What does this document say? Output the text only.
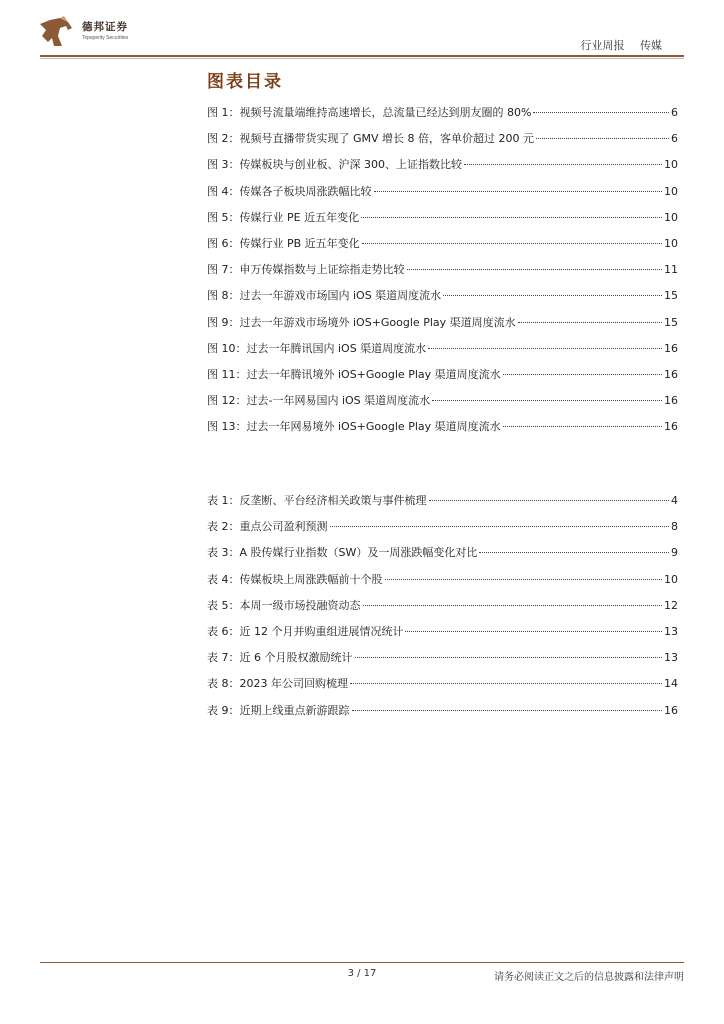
德邦证券
Topsperity Securities
行业周报 传媒
图表目录
图 1：视频号流量端维持高速增长，总流量已经达到朋友圈的 80%	6
图 2：视频号直播带货实现了 GMV 增长 8 倍，客单价超过 200 元	6
图 3：传媒板块与创业板、沪深 300、上证指数比较	10
图 4：传媒各子板块周涨跌幅比较	10
图 5：传媒行业 PE 近五年变化	10
图 6：传媒行业 PB 近五年变化	10
图 7：申万传媒指数与上证综指走势比较	11
图 8：过去一年游戏市场国内 iOS 渠道周度流水	15
图 9：过去一年游戏市场境外 iOS+Google Play 渠道周度流水	15
图 10：过去一年腾讯国内 iOS 渠道周度流水	16
图 11：过去一年腾讯境外 iOS+Google Play 渠道周度流水	16
图 12：过去-一年网易国内 iOS 渠道周度流水	16
图 13：过去一年网易境外 iOS+Google Play 渠道周度流水	16
表 1：反垄断、平台经济相关政策与事件梳理	4
表 2：重点公司盈利预测	8
表 3：A 股传媒行业指数（SW）及一周涨跌幅变化对比	9
表 4：传媒板块上周涨跌幅前十个股	10
表 5：本周一级市场投融资动态	12
表 6：近 12 个月并购重组进展情况统计	13
表 7：近 6 个月股权激励统计	13
表 8：2023 年公司回购梳理	14
表 9：近期上线重点新游跟踪	16
3 / 17	请务必阅读正文之后的信息披露和法律声明
